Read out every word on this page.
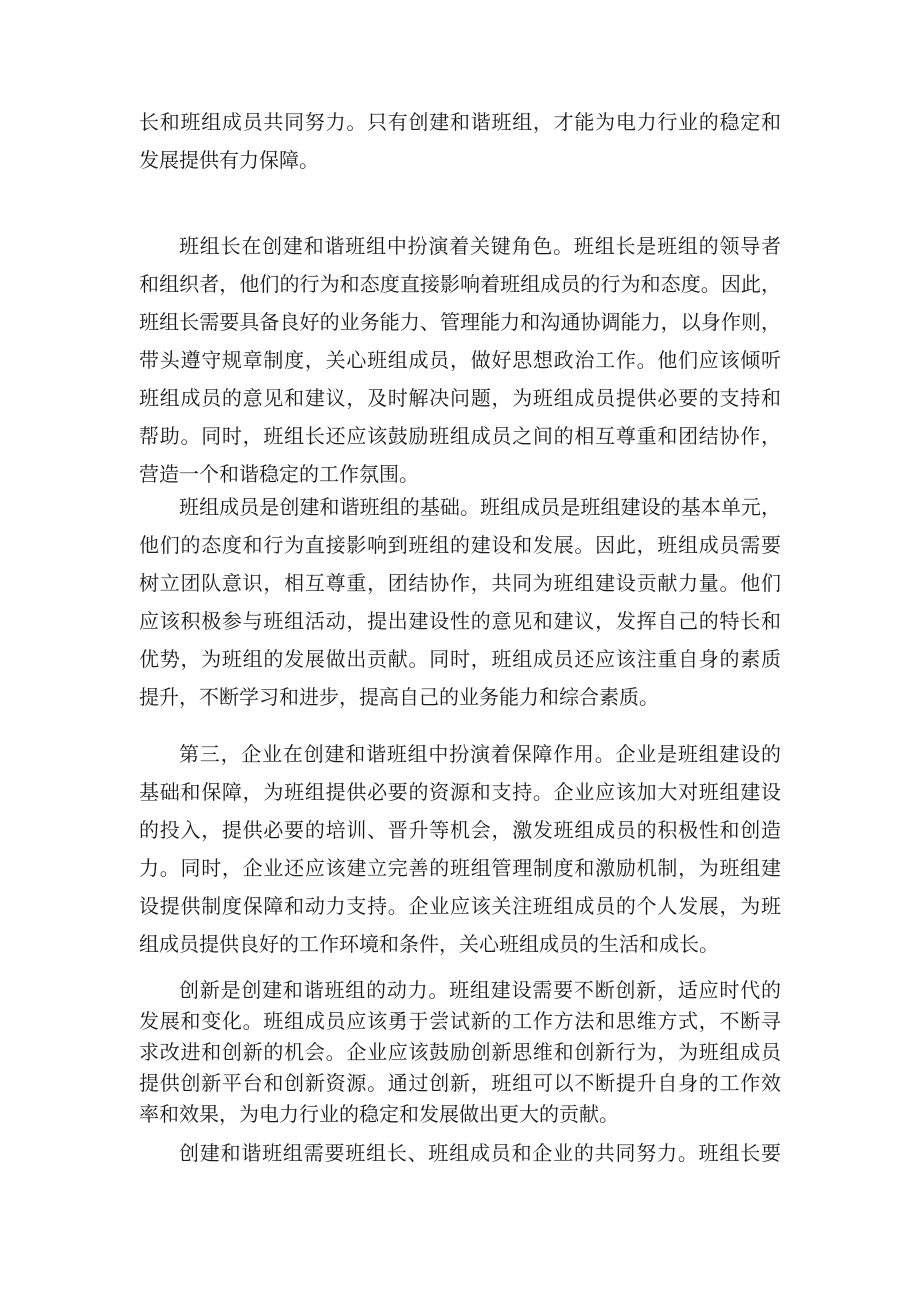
长和班组成员共同努力。只有创建和谐班组，才能为电力行业的稳定和
发展提供有力保障。

班组长在创建和谐班组中扮演着关键角色。班组长是班组的领导者
和组织者，他们的行为和态度直接影响着班组成员的行为和态度。因此，
班组长需要具备良好的业务能力、管理能力和沟通协调能力，以身作则，
带头遵守规章制度，关心班组成员，做好思想政治工作。他们应该倾听
班组成员的意见和建议，及时解决问题，为班组成员提供必要的支持和
帮助。同时，班组长还应该鼓励班组成员之间的相互尊重和团结协作，
营造一个和谐稳定的工作氛围。

班组成员是创建和谐班组的基础。班组成员是班组建设的基本单元，
他们的态度和行为直接影响到班组的建设和发展。因此，班组成员需要
树立团队意识，相互尊重，团结协作，共同为班组建设贡献力量。他们
应该积极参与班组活动，提出建设性的意见和建议，发挥自己的特长和
优势，为班组的发展做出贡献。同时，班组成员还应该注重自身的素质
提升，不断学习和进步，提高自己的业务能力和综合素质。

第三，企业在创建和谐班组中扮演着保障作用。企业是班组建设的
基础和保障，为班组提供必要的资源和支持。企业应该加大对班组建设
的投入，提供必要的培训、晋升等机会，激发班组成员的积极性和创造
力。同时，企业还应该建立完善的班组管理制度和激励机制，为班组建
设提供制度保障和动力支持。企业应该关注班组成员的个人发展，为班
组成员提供良好的工作环境和条件，关心班组成员的生活和成长。

创新是创建和谐班组的动力。班组建设需要不断创新，适应时代的
发展和变化。班组成员应该勇于尝试新的工作方法和思维方式，不断寻
求改进和创新的机会。企业应该鼓励创新思维和创新行为，为班组成员
提供创新平台和创新资源。通过创新，班组可以不断提升自身的工作效
率和效果，为电力行业的稳定和发展做出更大的贡献。

创建和谐班组需要班组长、班组成员和企业的共同努力。班组长要
